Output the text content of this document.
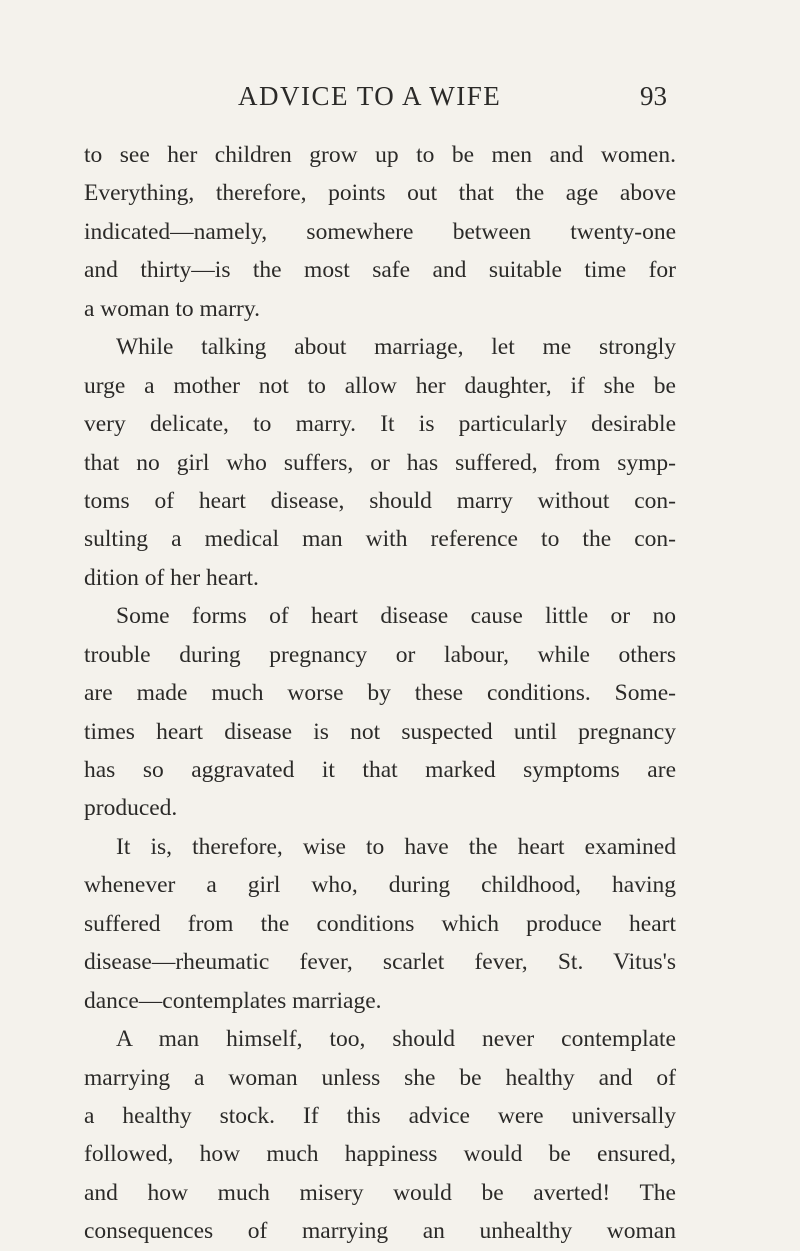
ADVICE TO A WIFE	93
to see her children grow up to be men and women.
Everything, therefore, points out that the age above
indicated—namely, somewhere between twenty-one
and thirty—is the most safe and suitable time for
a woman to marry.
While talking about marriage, let me strongly
urge a mother not to allow her daughter, if she be
very delicate, to marry. It is particularly desirable
that no girl who suffers, or has suffered, from symp-
toms of heart disease, should marry without con-
sulting a medical man with reference to the con-
dition of her heart.
Some forms of heart disease cause little or no
trouble during pregnancy or labour, while others
are made much worse by these conditions. Some-
times heart disease is not suspected until pregnancy
has so aggravated it that marked symptoms are
produced.
It is, therefore, wise to have the heart examined
whenever a girl who, during childhood, having
suffered from the conditions which produce heart
disease—rheumatic fever, scarlet fever, St. Vitus's
dance—contemplates marriage.
A man himself, too, should never contemplate
marrying a woman unless she be healthy and of
a healthy stock. If this advice were universally
followed, how much happiness would be ensured,
and how much misery would be averted! The
consequences of marrying an unhealthy woman
